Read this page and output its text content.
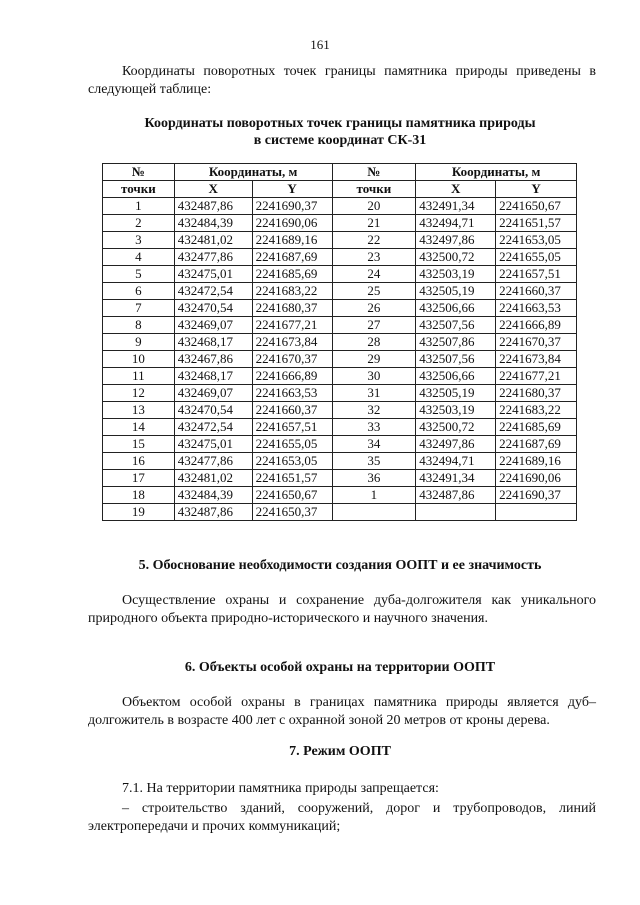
161

Координаты поворотных точек границы памятника природы приведены в следующей таблице:

Координаты поворотных точек границы памятника природы
в системе координат СК-31
№	Координаты, м		№	Координаты, м	
точки	X	Y	точки	X	Y
1	432487,86	2241690,37	20	432491,34	2241650,67
2	432484,39	2241690,06	21	432494,71	2241651,57
3	432481,02	2241689,16	22	432497,86	2241653,05
4	432477,86	2241687,69	23	432500,72	2241655,05
5	432475,01	2241685,69	24	432503,19	2241657,51
6	432472,54	2241683,22	25	432505,19	2241660,37
7	432470,54	2241680,37	26	432506,66	2241663,53
8	432469,07	2241677,21	27	432507,56	2241666,89
9	432468,17	2241673,84	28	432507,86	2241670,37
10	432467,86	2241670,37	29	432507,56	2241673,84
11	432468,17	2241666,89	30	432506,66	2241677,21
12	432469,07	2241663,53	31	432505,19	2241680,37
13	432470,54	2241660,37	32	432503,19	2241683,22
14	432472,54	2241657,51	33	432500,72	2241685,69
15	432475,01	2241655,05	34	432497,86	2241687,69
16	432477,86	2241653,05	35	432494,71	2241689,16
17	432481,02	2241651,57	36	432491,34	2241690,06
18	432484,39	2241650,67	1	432487,86	2241690,37
19	432487,86	2241650,37			
5. Обоснование необходимости создания ООПТ и ее значимость

Осуществление охраны и сохранение дуба-долгожителя как уникального природного объекта природно-исторического и научного значения.

6. Объекты особой охраны на территории ООПТ

Объектом особой охраны в границах памятника природы является дуб–долгожитель в возрасте 400 лет с охранной зоной 20 метров от кроны дерева.

7. Режим ООПТ

7.1. На территории памятника природы запрещается:

– строительство зданий, сооружений, дорог и трубопроводов, линий электропередачи и прочих коммуникаций;
